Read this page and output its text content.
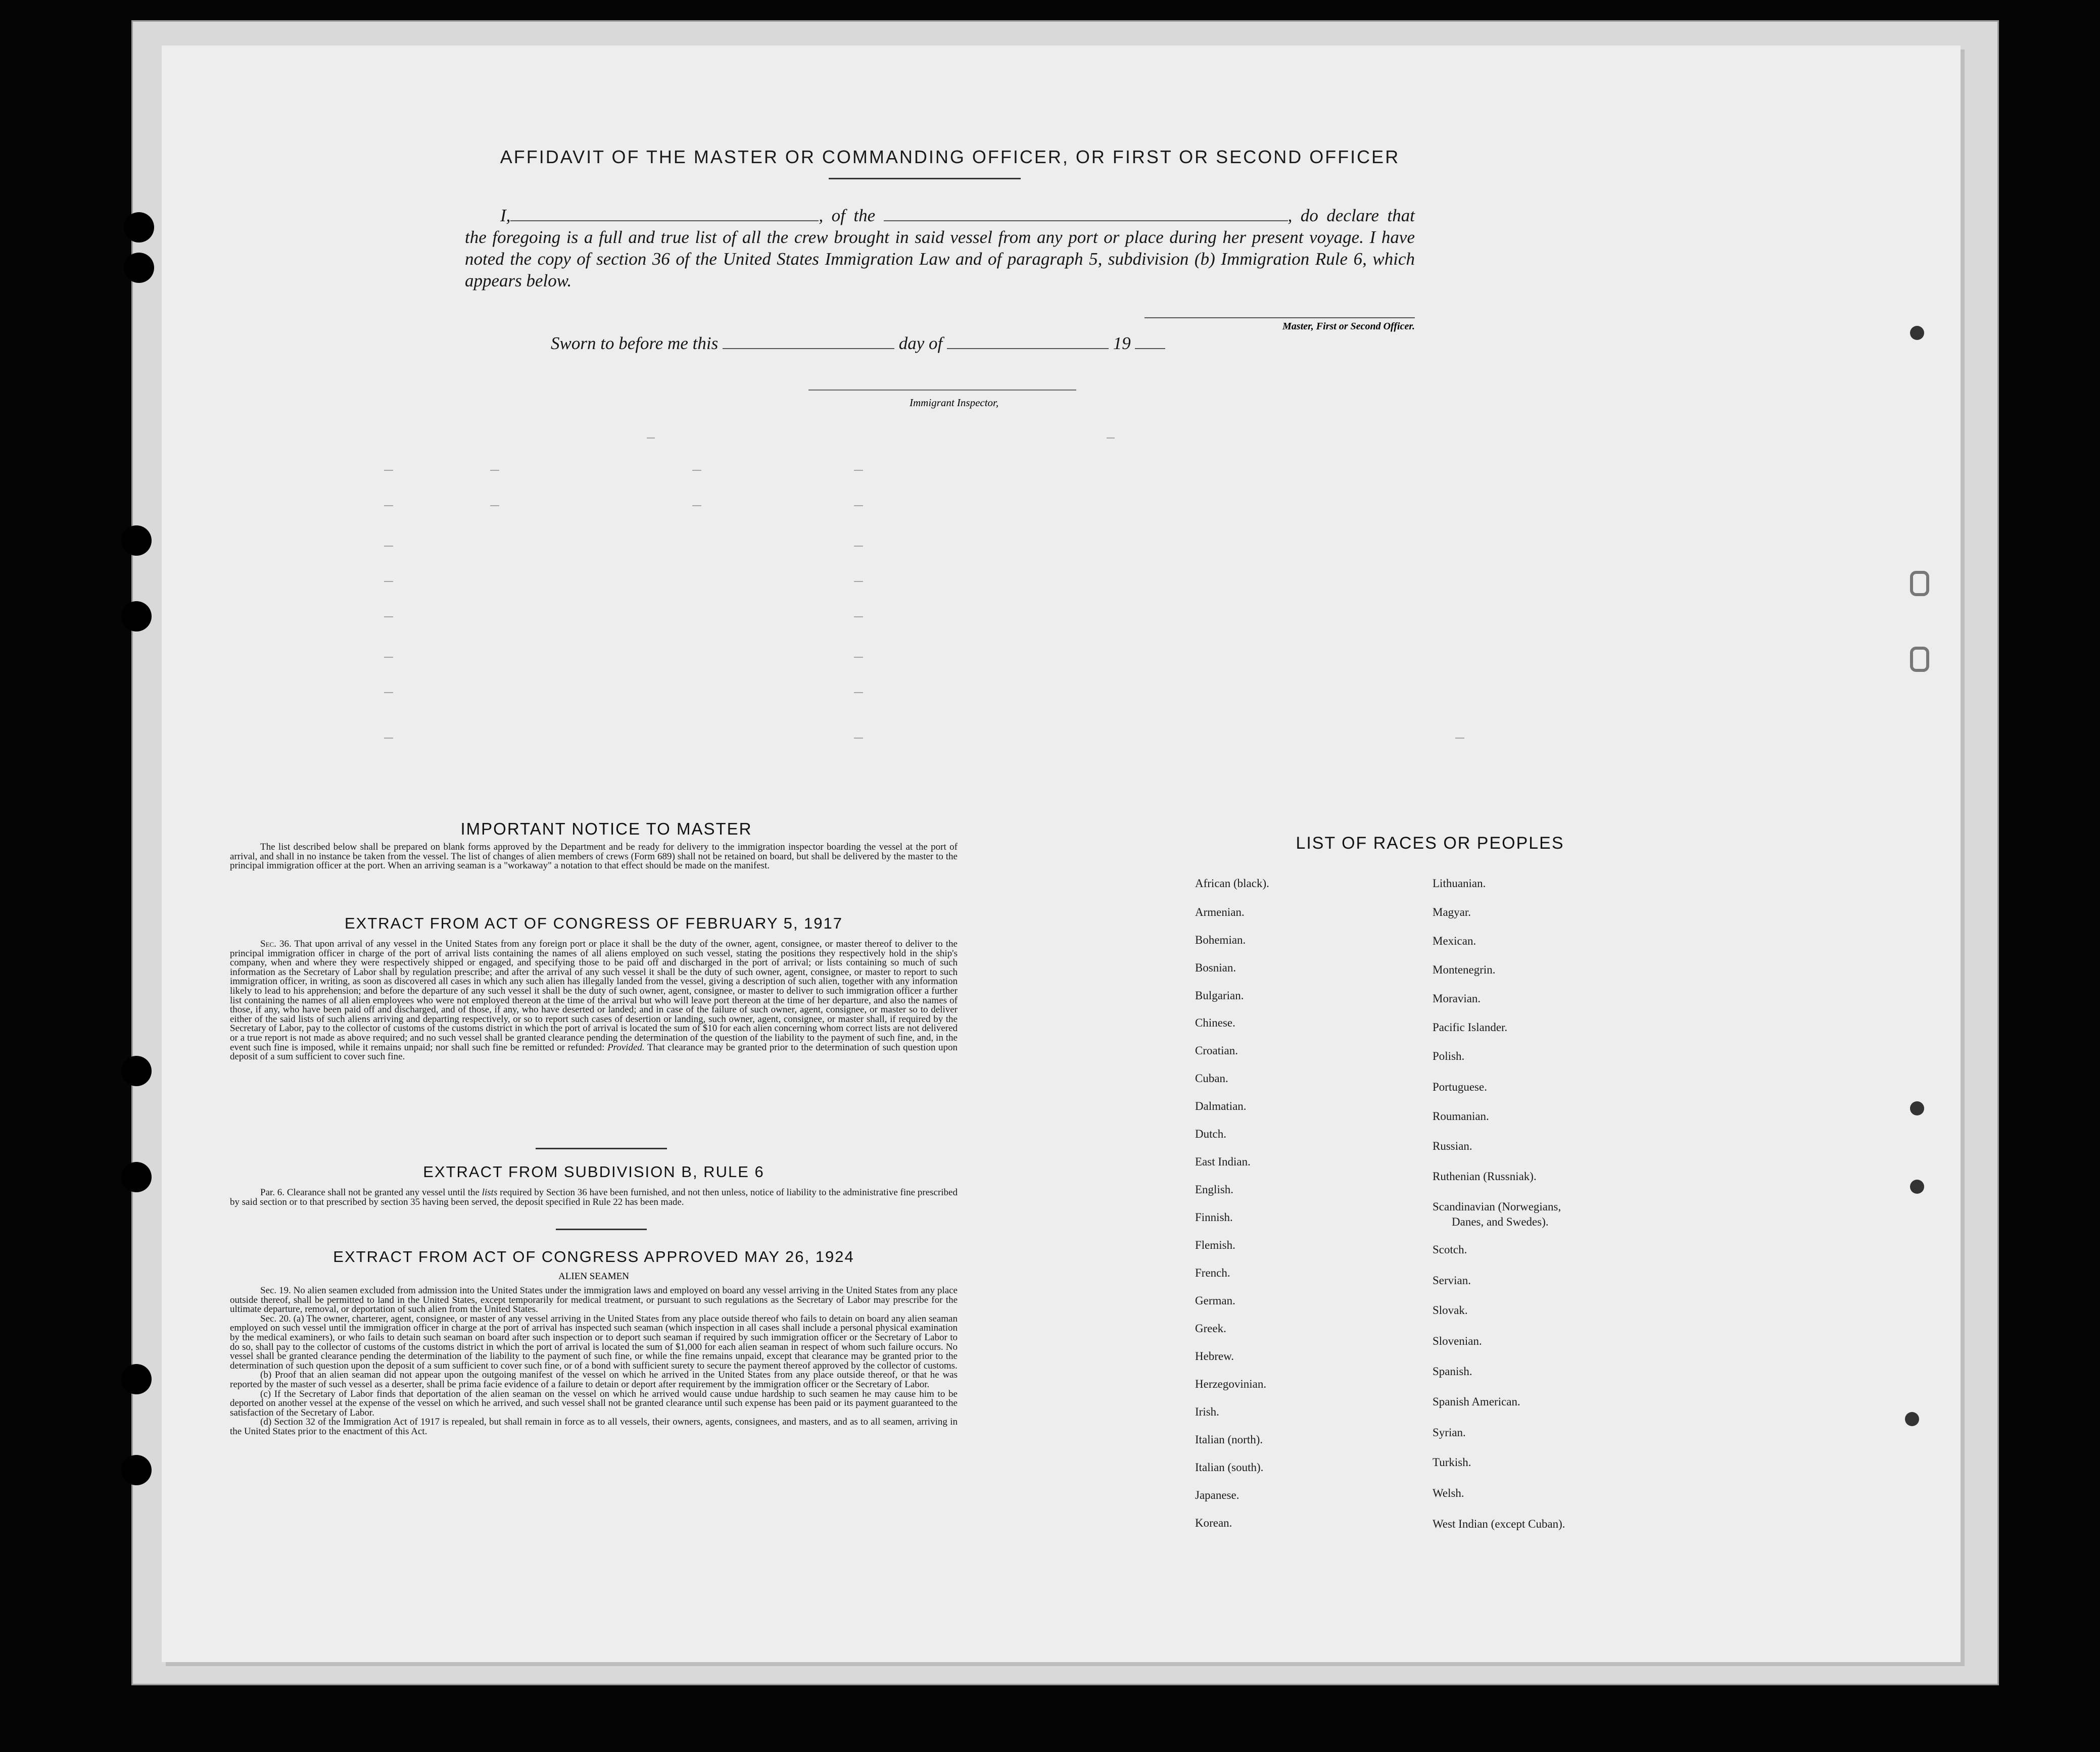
AFFIDAVIT OF THE MASTER OR COMMANDING OFFICER, OR FIRST OR SECOND OFFICER
I,	, of the	, do declare that the foregoing is a full and true list of all the crew brought in said vessel from any port or place during her present voyage. I have noted the copy of section 36 of the United States Immigration Law and of paragraph 5, subdivision (b) Immigration Rule 6, which appears below.
Master, First or Second Officer.
Sworn to before me this	day of	19
Immigrant Inspector,
IMPORTANT NOTICE TO MASTER
The list described below shall be prepared on blank forms approved by the Department and be ready for delivery to the immigration inspector boarding the vessel at the port of arrival, and shall in no instance be taken from the vessel. The list of changes of alien members of crews (Form 689) shall not be retained on board, but shall be delivered by the master to the principal immigration officer at the port. When an arriving seaman is a "workaway" a notation to that effect should be made on the manifest.
EXTRACT FROM ACT OF CONGRESS OF FEBRUARY 5, 1917
Sec. 36. That upon arrival of any vessel in the United States from any foreign port or place it shall be the duty of the owner, agent, consignee, or master thereof to deliver to the principal immigration officer in charge of the port of arrival lists containing the names of all aliens employed on such vessel, stating the positions they respectively hold in the ship's company, when and where they were respectively shipped or engaged, and specifying those to be paid off and discharged in the port of arrival; or lists containing so much of such information as the Secretary of Labor shall by regulation prescribe; and after the arrival of any such vessel it shall be the duty of such owner, agent, consignee, or master to report to such immigration officer, in writing, as soon as discovered all cases in which any such alien has illegally landed from the vessel, giving a description of such alien, together with any information likely to lead to his apprehension; and before the departure of any such vessel it shall be the duty of such owner, agent, consignee, or master to deliver to such immigration officer a further list containing the names of all alien employees who were not employed thereon at the time of the arrival but who will leave port thereon at the time of her departure, and also the names of those, if any, who have been paid off and discharged, and of those, if any, who have deserted or landed; and in case of the failure of such owner, agent, consignee, or master so to deliver either of the said lists of such aliens arriving and departing respectively, or so to report such cases of desertion or landing, such owner, agent, consignee, or master shall, if required by the Secretary of Labor, pay to the collector of customs of the customs district in which the port of arrival is located the sum of $10 for each alien concerning whom correct lists are not delivered or a true report is not made as above required; and no such vessel shall be granted clearance pending the determination of the question of the liability to the payment of such fine, and, in the event such fine is imposed, while it remains unpaid; nor shall such fine be remitted or refunded: Provided. That clearance may be granted prior to the determination of such question upon deposit of a sum sufficient to cover such fine.
EXTRACT FROM SUBDIVISION B, RULE 6
Par. 6. Clearance shall not be granted any vessel until the lists required by Section 36 have been furnished, and not then unless, notice of liability to the administrative fine prescribed by said section or to that prescribed by section 35 having been served, the deposit specified in Rule 22 has been made.
EXTRACT FROM ACT OF CONGRESS APPROVED MAY 26, 1924
ALIEN SEAMEN
Sec. 19. No alien seamen excluded from admission into the United States under the immigration laws and employed on board any vessel arriving in the United States from any place outside thereof, shall be permitted to land in the United States, except temporarily for medical treatment, or pursuant to such regulations as the Secretary of Labor may prescribe for the ultimate departure, removal, or deportation of such alien from the United States.
Sec. 20. (a) The owner, charterer, agent, consignee, or master of any vessel arriving in the United States from any place outside thereof who fails to detain on board any alien seaman employed on such vessel until the immigration officer in charge at the port of arrival has inspected such seaman (which inspection in all cases shall include a personal physical examination by the medical examiners), or who fails to detain such seaman on board after such inspection or to deport such seaman if required by such immigration officer or the Secretary of Labor to do so, shall pay to the collector of customs of the customs district in which the port of arrival is located the sum of $1,000 for each alien seaman in respect of whom such failure occurs. No vessel shall be granted clearance pending the determination of the liability to the payment of such fine, or while the fine remains unpaid, except that clearance may be granted prior to the determination of such question upon the deposit of a sum sufficient to cover such fine, or of a bond with sufficient surety to secure the payment thereof approved by the collector of customs.
(b) Proof that an alien seaman did not appear upon the outgoing manifest of the vessel on which he arrived in the United States from any place outside thereof, or that he was reported by the master of such vessel as a deserter, shall be prima facie evidence of a failure to detain or deport after requirement by the immigration officer or the Secretary of Labor.
(c) If the Secretary of Labor finds that deportation of the alien seaman on the vessel on which he arrived would cause undue hardship to such seamen he may cause him to be deported on another vessel at the expense of the vessel on which he arrived, and such vessel shall not be granted clearance until such expense has been paid or its payment guaranteed to the satisfaction of the Secretary of Labor.
(d) Section 32 of the Immigration Act of 1917 is repealed, but shall remain in force as to all vessels, their owners, agents, consignees, and masters, and as to all seamen, arriving in the United States prior to the enactment of this Act.
LIST OF RACES OR PEOPLES
African (black).
Armenian.
Bohemian.
Bosnian.
Bulgarian.
Chinese.
Croatian.
Cuban.
Dalmatian.
Dutch.
East Indian.
English.
Finnish.
Flemish.
French.
German.
Greek.
Hebrew.
Herzegovinian.
Irish.
Italian (north).
Italian (south).
Japanese.
Korean.
Lithuanian.
Magyar.
Mexican.
Montenegrin.
Moravian.
Pacific Islander.
Polish.
Portuguese.
Roumanian.
Russian.
Ruthenian (Russniak).
Scandinavian (Norwegians,
Danes, and Swedes).
Scotch.
Servian.
Slovak.
Slovenian.
Spanish.
Spanish American.
Syrian.
Turkish.
Welsh.
West Indian (except Cuban).
